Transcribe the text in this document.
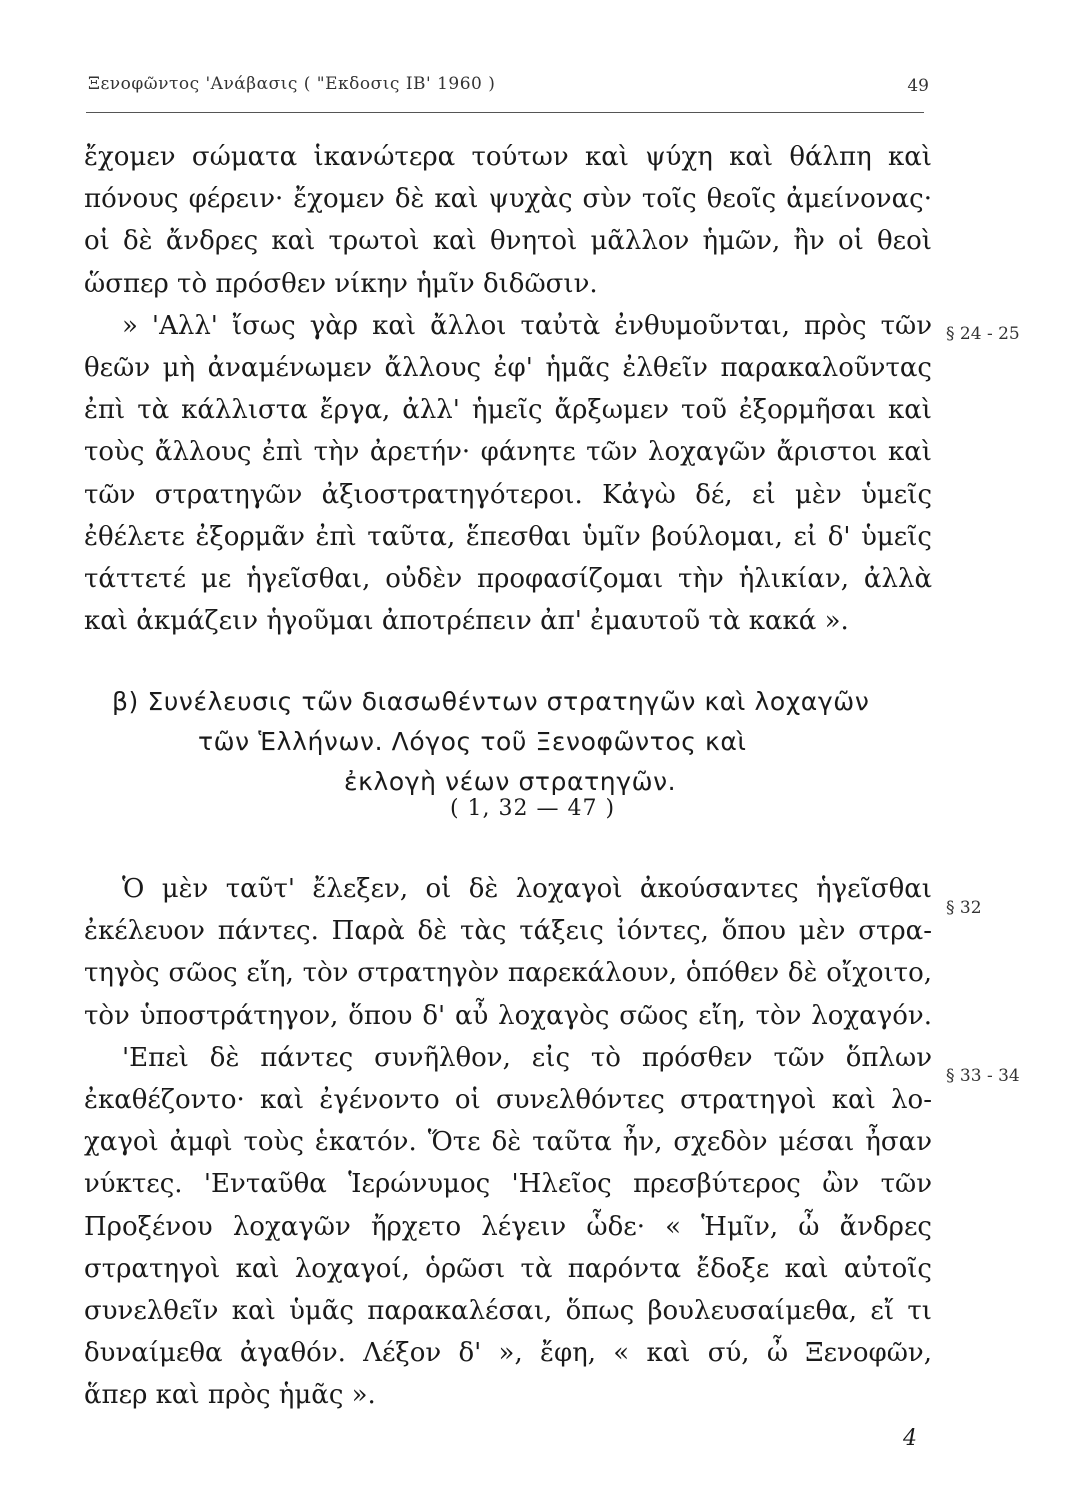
Ξενοφῶντος 'Ανάβασις ( "Εκδοσις ΙΒ' 1960 )	49

ἔχομεν σώματα ἱκανώτερα τούτων καὶ ψύχη καὶ θάλπη καὶ
πόνους φέρειν· ἔχομεν δὲ καὶ ψυχὰς σὺν τοῖς θεοῖς ἀμείνονας·
οἱ δὲ ἄνδρες καὶ τρωτοὶ καὶ θνητοὶ μᾶλλον ἡμῶν, ἢν οἱ θεοὶ
ὥσπερ τὸ πρόσθεν νίκην ἡμῖν διδῶσιν.

» 'Αλλ' ἴσως γὰρ καὶ ἄλλοι ταὐτὰ ἐνθυμοῦνται, πρὸς τῶν
θεῶν μὴ ἀναμένωμεν ἄλλους ἐφ' ἡμᾶς ἐλθεῖν παρακαλοῦντας
ἐπὶ τὰ κάλλιστα ἔργα, ἀλλ' ἡμεῖς ἄρξωμεν τοῦ ἐξορμῆσαι καὶ
τοὺς ἄλλους ἐπὶ τὴν ἀρετήν· φάνητε τῶν λοχαγῶν ἄριστοι καὶ
τῶν στρατηγῶν ἀξιοστρατηγότεροι. Κἀγὼ δέ, εἰ μὲν ὑμεῖς
ἐθέλετε ἐξορμᾶν ἐπὶ ταῦτα, ἕπεσθαι ὑμῖν βούλομαι, εἰ δ' ὑμεῖς
τάττετέ με ἡγεῖσθαι, οὐδὲν προφασίζομαι τὴν ἡλικίαν, ἀλλὰ
καὶ ἀκμάζειν ἡγοῦμαι ἀποτρέπειν ἀπ' ἐμαυτοῦ τὰ κακά ».

§ 24 - 25
β) Συνέλευσις τῶν διασωθέντων στρατηγῶν καὶ λοχαγῶν
τῶν Ἑλλήνων. Λόγος τοῦ Ξενοφῶντος καὶ
ἐκλογὴ νέων στρατηγῶν.
( 1, 32 — 47 )

Ὁ μὲν ταῦτ' ἔλεξεν, οἱ δὲ λοχαγοὶ ἀκούσαντες ἡγεῖσθαι
ἐκέλευον πάντες. Παρὰ δὲ τὰς τάξεις ἰόντες, ὅπου μὲν στρα-
τηγὸς σῶος εἴη, τὸν στρατηγὸν παρεκάλουν, ὁπόθεν δὲ οἴχοιτο,
τὸν ὑποστράτηγον, ὅπου δ' αὖ λοχαγὸς σῶος εἴη, τὸν λοχαγόν.

'Επεὶ δὲ πάντες συνῆλθον, εἰς τὸ πρόσθεν τῶν ὅπλων
ἐκαθέζοντο· καὶ ἐγένοντο οἱ συνελθόντες στρατηγοὶ καὶ λο-
χαγοὶ ἀμφὶ τοὺς ἑκατόν. Ὅτε δὲ ταῦτα ἦν, σχεδὸν μέσαι ἦσαν
νύκτες. 'Ενταῦθα Ἱερώνυμος 'Ηλεῖος πρεσβύτερος ὢν τῶν
Προξένου λοχαγῶν ἤρχετο λέγειν ὧδε· « Ἡμῖν, ὦ ἄνδρες
στρατηγοὶ καὶ λοχαγοί, ὁρῶσι τὰ παρόντα ἔδοξε καὶ αὐτοῖς
συνελθεῖν καὶ ὑμᾶς παρακαλέσαι, ὅπως βουλευσαίμεθα, εἴ τι
δυναίμεθα ἀγαθόν. Λέξον δ' », ἔφη, « καὶ σύ, ὦ Ξενοφῶν,
ἅπερ καὶ πρὸς ἡμᾶς ».

§ 32
§ 33 - 34
4
